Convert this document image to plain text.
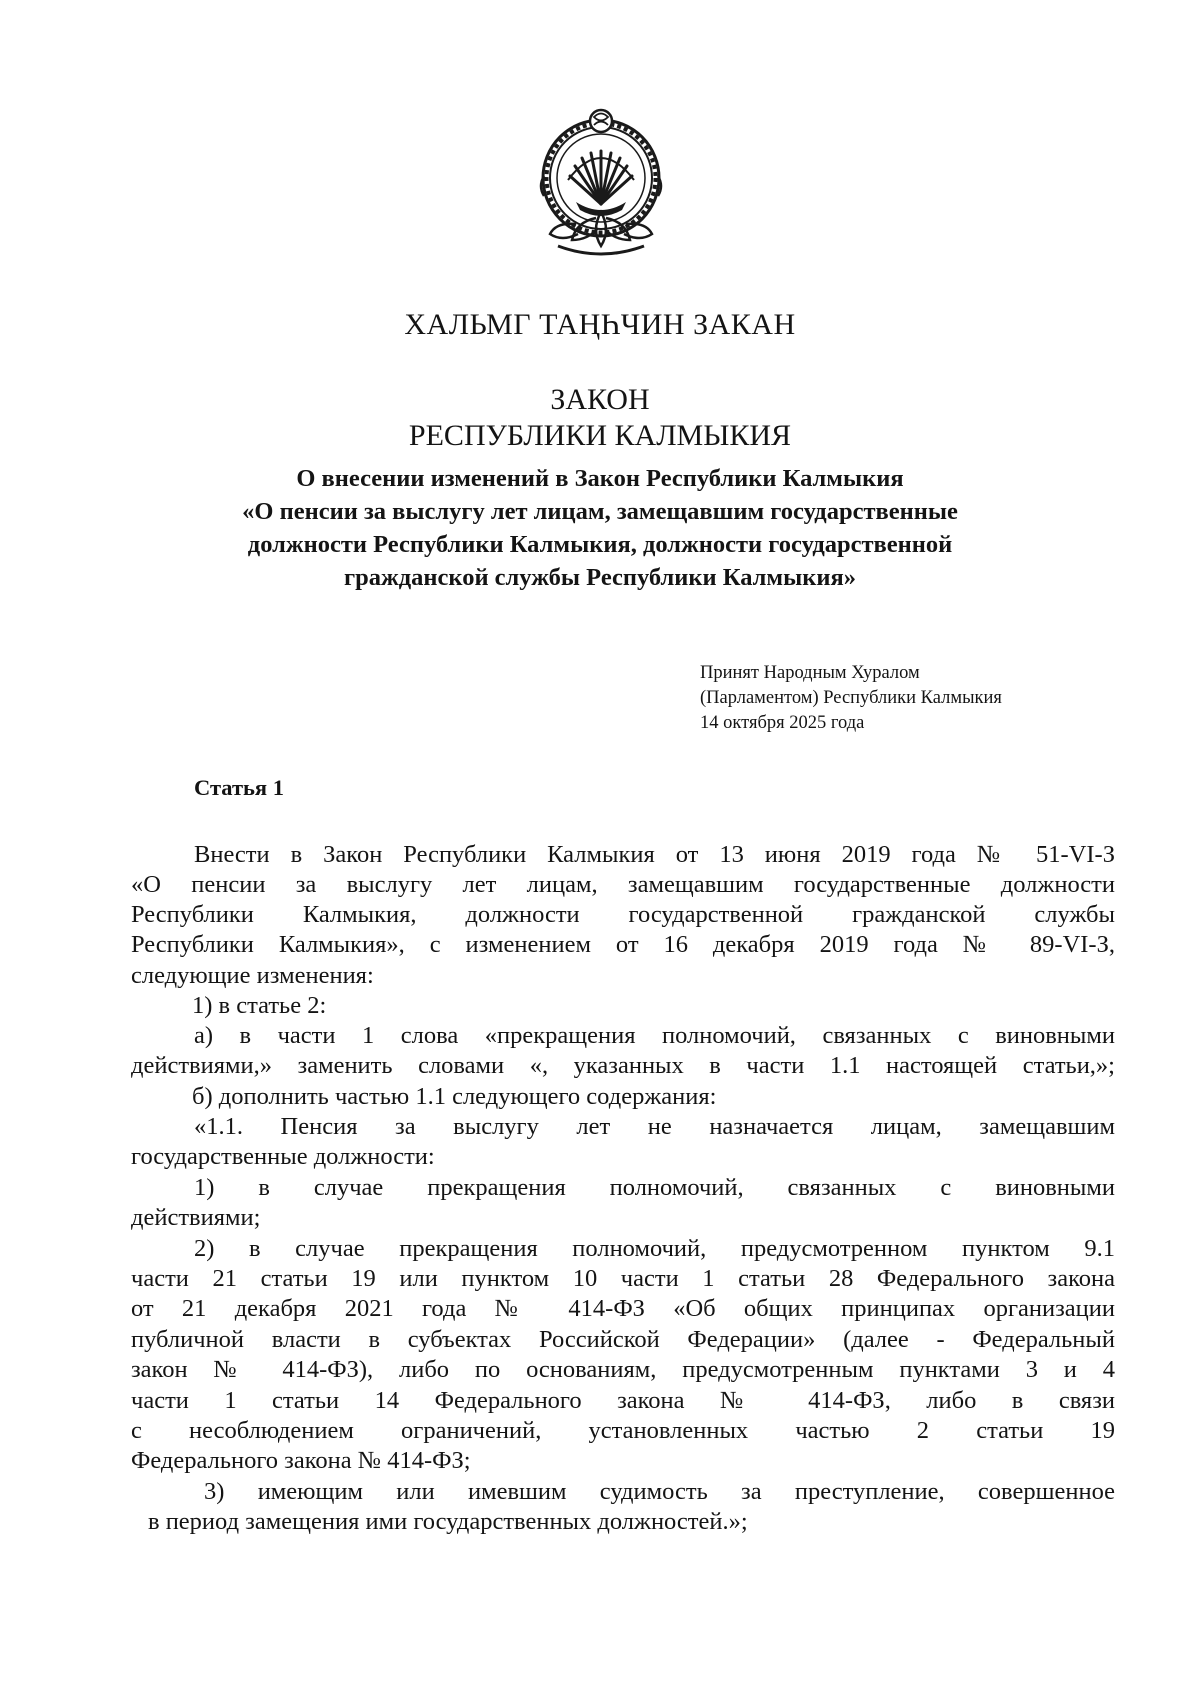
ХАЛЬМГ ТАҢҺЧИН ЗАКАН
ЗАКОН
РЕСПУБЛИКИ КАЛМЫКИЯ
О внесении изменений в Закон Республики Калмыкия
«О пенсии за выслугу лет лицам, замещавшим государственные
должности Республики Калмыкия, должности государственной
гражданской службы Республики Калмыкия»
Принят Народным Хуралом
(Парламентом) Республики Калмыкия
14 октября 2025 года
Статья 1
Внести в Закон Республики Калмыкия от 13 июня 2019 года № 51-VI-З
«О пенсии за выслугу лет лицам, замещавшим государственные должности
Республики Калмыкия, должности государственной гражданской службы
Республики Калмыкия», с изменением от 16 декабря 2019 года № 89-VI-З,
следующие изменения:
1) в статье 2:
а) в части 1 слова «прекращения полномочий, связанных с виновными
действиями,» заменить словами «, указанных в части 1.1 настоящей статьи,»;
б) дополнить частью 1.1 следующего содержания:
«1.1. Пенсия за выслугу лет не назначается лицам, замещавшим
государственные должности:
1) в случае прекращения полномочий, связанных с виновными
действиями;
2) в случае прекращения полномочий, предусмотренном пунктом 9.1
части 21 статьи 19 или пунктом 10 части 1 статьи 28 Федерального закона
от 21 декабря 2021 года № 414-ФЗ «Об общих принципах организации
публичной власти в субъектах Российской Федерации» (далее - Федеральный
закон № 414-ФЗ), либо по основаниям, предусмотренным пунктами 3 и 4
части 1 статьи 14 Федерального закона № 414-ФЗ, либо в связи
с несоблюдением ограничений, установленных частью 2 статьи 19
Федерального закона № 414-ФЗ;
3) имеющим или имевшим судимость за преступление, совершенное
в период замещения ими государственных должностей.»;
